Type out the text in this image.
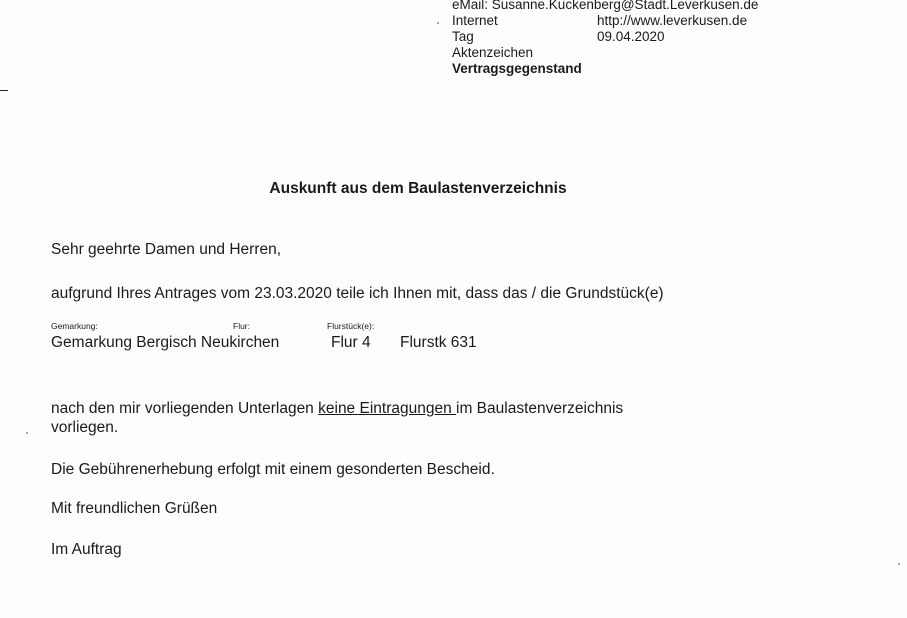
eMail: Susanne.Kuckenberg@Stadt.Leverkusen.de
Internet	http://www.leverkusen.de
Tag	09.04.2020
Aktenzeichen
Vertragsgegenstand
Auskunft aus dem Baulastenverzeichnis
Sehr geehrte Damen und Herren,
aufgrund Ihres Antrages vom 23.03.2020 teile ich Ihnen mit, dass das / die Grundstück(e)
Gemarkung:	Flur:	Flurstück(e):
Gemarkung Bergisch Neukirchen	Flur 4 Flurstk 631
nach den mir vorliegenden Unterlagen keine Eintragungen im Baulastenverzeichnis
vorliegen.
Die Gebührenerhebung erfolgt mit einem gesonderten Bescheid.
Mit freundlichen Grüßen
Im Auftrag
